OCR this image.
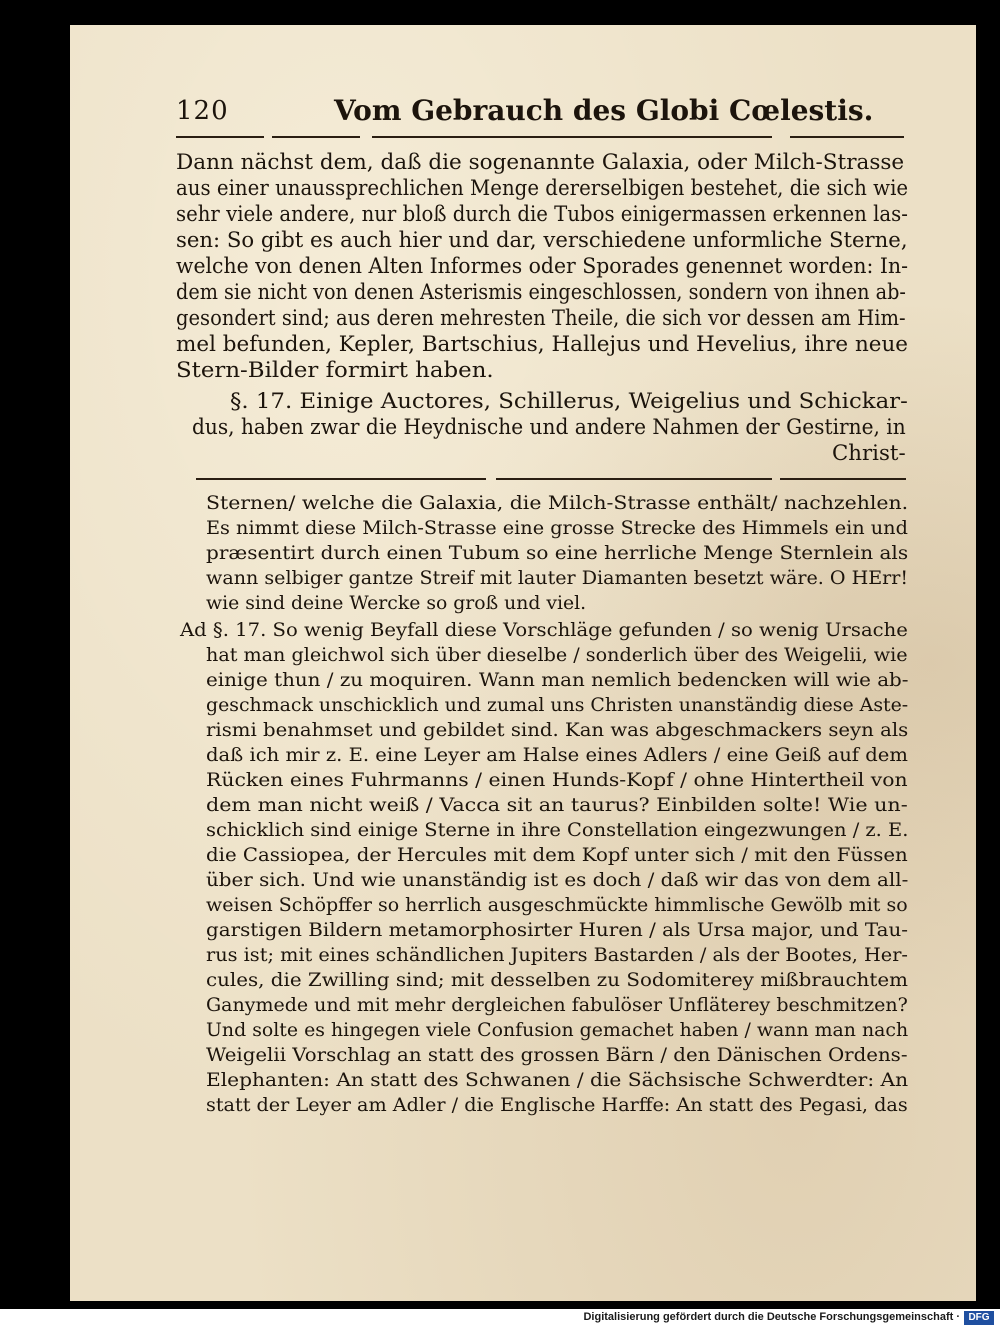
120	Vom Gebrauch des Globi Cœlestis.
Dann nächst dem, daß die sogenannte Galaxia, oder Milch-Strasse
aus einer unaussprechlichen Menge dererselbigen bestehet, die sich wie
sehr viele andere, nur bloß durch die Tubos einigermassen erkennen las-
sen: So gibt es auch hier und dar, verschiedene unformliche Sterne,
welche von denen Alten Informes oder Sporades genennet worden: In-
dem sie nicht von denen Asterismis eingeschlossen, sondern von ihnen ab-
gesondert sind; aus deren mehresten Theile, die sich vor dessen am Him-
mel befunden, Kepler, Bartschius, Hallejus und Hevelius, ihre neue
Stern-Bilder formirt haben.
§. 17. Einige Auctores, Schillerus, Weigelius und Schickar-
dus, haben zwar die Heydnische und andere Nahmen der Gestirne, in
Christ-
Sternen/ welche die Galaxia, die Milch-Strasse enthält/ nachzehlen.
Es nimmt diese Milch-Strasse eine grosse Strecke des Himmels ein und
præsentirt durch einen Tubum so eine herrliche Menge Sternlein als
wann selbiger gantze Streif mit lauter Diamanten besetzt wäre. O HErr!
wie sind deine Wercke so groß und viel.
Ad §. 17. So wenig Beyfall diese Vorschläge gefunden / so wenig Ursache
hat man gleichwol sich über dieselbe / sonderlich über des Weigelii, wie
einige thun / zu moquiren. Wann man nemlich bedencken will wie ab-
geschmack unschicklich und zumal uns Christen unanständig diese Aste-
rismi benahmset und gebildet sind. Kan was abgeschmackers seyn als
daß ich mir z. E. eine Leyer am Halse eines Adlers / eine Geiß auf dem
Rücken eines Fuhrmanns / einen Hunds-Kopf / ohne Hintertheil von
dem man nicht weiß / Vacca sit an taurus? Einbilden solte! Wie un-
schicklich sind einige Sterne in ihre Constellation eingezwungen / z. E.
die Cassiopea, der Hercules mit dem Kopf unter sich / mit den Füssen
über sich. Und wie unanständig ist es doch / daß wir das von dem all-
weisen Schöpffer so herrlich ausgeschmückte himmlische Gewölb mit so
garstigen Bildern metamorphosirter Huren / als Ursa major, und Tau-
rus ist; mit eines schändlichen Jupiters Bastarden / als der Bootes, Her-
cules, die Zwilling sind; mit desselben zu Sodomiterey mißbrauchtem
Ganymede und mit mehr dergleichen fabulöser Unfläterey beschmitzen?
Und solte es hingegen viele Confusion gemachet haben / wann man nach
Weigelii Vorschlag an statt des grossen Bärn / den Dänischen Ordens-
Elephanten: An statt des Schwanen / die Sächsische Schwerdter: An
statt der Leyer am Adler / die Englische Harffe: An statt des Pegasi, das
Digitalisierung gefördert durch die Deutsche Forschungsgemeinschaft · DFG
